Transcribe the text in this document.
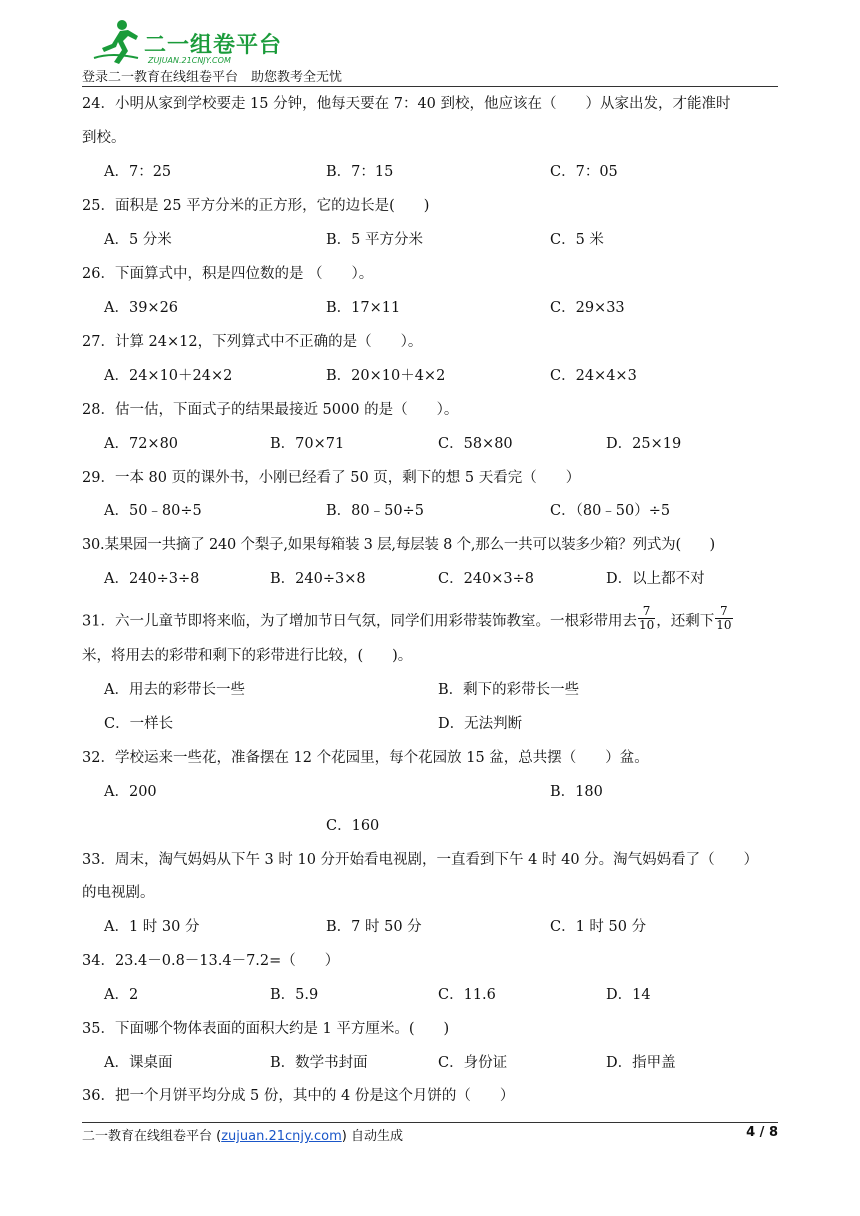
二一组卷平台
ZUJUAN.21CNJY.COM
登录二一教育在线组卷平台　助您教考全无忧
24．小明从家到学校要走 15 分钟，他每天要在 7：40 到校，他应该在（　　）从家出发，才能准时
到校。
A．7：25	B．7：15	C．7：05
25．面积是 25 平方分米的正方形，它的边长是(　　)
A．5 分米	B．5 平方分米	C．5 米
26．下面算式中，积是四位数的是 （　　）。
A．39×26	B．17×11	C．29×33
27．计算 24×12，下列算式中不正确的是（　　）。
A．24×10＋24×2	B．20×10＋4×2	C．24×4×3
28．估一估，下面式子的结果最接近 5000 的是（　　）。
A．72×80	B．70×71	C．58×80	D．25×19
29．一本 80 页的课外书，小刚已经看了 50 页，剩下的想 5 天看完（　　）
A．50﹣80÷5	B．80﹣50÷5	C．（80﹣50）÷5
30.某果园一共摘了 240 个梨子,如果每箱装 3 层,每层装 8 个,那么一共可以装多少箱？列式为(　　)
A．240÷3÷8	B．240÷3×8	C．240×3÷8	D．以上都不对
31．六一儿童节即将来临，为了增加节日气氛，同学们用彩带装饰教室。一根彩带用去 $\frac{7}{10}$ ，还剩下 $\frac{7}{10}$
米，将用去的彩带和剩下的彩带进行比较，(　　)。
A．用去的彩带长一些	B．剩下的彩带长一些
C．一样长	D．无法判断
32．学校运来一些花，准备摆在 12 个花园里，每个花园放 15 盆，总共摆（　　）盆。
A．200	B．180
C．160
33．周末，淘气妈妈从下午 3 时 10 分开始看电视剧，一直看到下午 4 时 40 分。淘气妈妈看了（　　）
的电视剧。
A．1 时 30 分	B．7 时 50 分	C．1 时 50 分
34．23.4－0.8－13.4－7.2=（　　）
A．2	B．5.9	C．11.6	D．14
35．下面哪个物体表面的面积大约是 1 平方厘米。(　　)
A．课桌面	B．数学书封面	C．身份证	D．指甲盖
36．把一个月饼平均分成 5 份，其中的 4 份是这个月饼的（　　）
二一教育在线组卷平台 (zujuan.21cnjy.com) 自动生成	4 / 8
